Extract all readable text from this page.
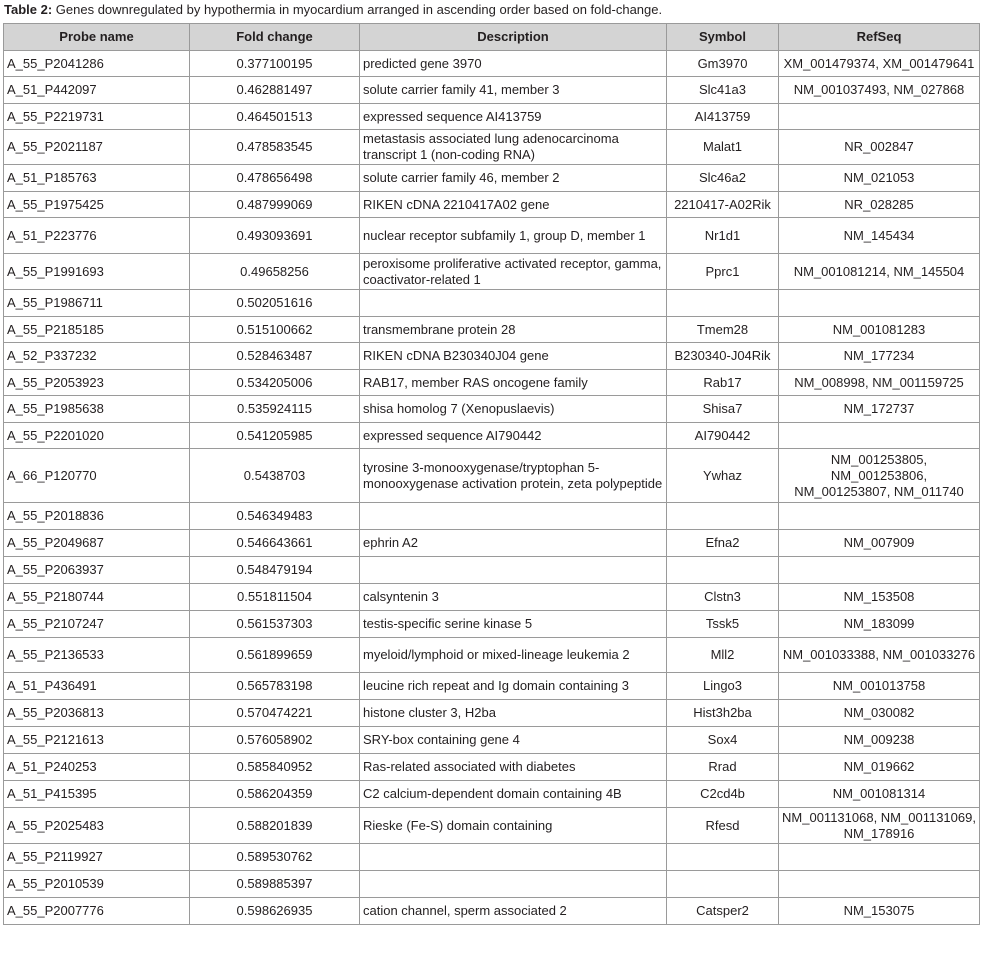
Table 2: Genes downregulated by hypothermia in myocardium arranged in ascending order based on fold-change.
Probe name	Fold change	Description	Symbol	RefSeq
A_55_P2041286	0.377100195	predicted gene 3970	Gm3970	XM_001479374, XM_001479641
A_51_P442097	0.462881497	solute carrier family 41, member 3	Slc41a3	NM_001037493, NM_027868
A_55_P2219731	0.464501513	expressed sequence AI413759	AI413759	
A_55_P2021187	0.478583545	metastasis associated lung adenocarcinoma transcript 1 (non-coding RNA)	Malat1	NR_002847
A_51_P185763	0.478656498	solute carrier family 46, member 2	Slc46a2	NM_021053
A_55_P1975425	0.487999069	RIKEN cDNA 2210417A02 gene	2210417-A02Rik	NR_028285
A_51_P223776	0.493093691	nuclear receptor subfamily 1, group D, member 1	Nr1d1	NM_145434
A_55_P1991693	0.49658256	peroxisome proliferative activated receptor, gamma, coactivator-related 1	Pprc1	NM_001081214, NM_145504
A_55_P1986711	0.502051616			
A_55_P2185185	0.515100662	transmembrane protein 28	Tmem28	NM_001081283
A_52_P337232	0.528463487	RIKEN cDNA B230340J04 gene	B230340-J04Rik	NM_177234
A_55_P2053923	0.534205006	RAB17, member RAS oncogene family	Rab17	NM_008998, NM_001159725
A_55_P1985638	0.535924115	shisa homolog 7 (Xenopuslaevis)	Shisa7	NM_172737
A_55_P2201020	0.541205985	expressed sequence AI790442	AI790442	
A_66_P120770	0.5438703	tyrosine 3-monooxygenase/tryptophan 5-monooxygenase activation protein, zeta polypeptide	Ywhaz	NM_001253805, NM_001253806, NM_001253807, NM_011740
A_55_P2018836	0.546349483			
A_55_P2049687	0.546643661	ephrin A2	Efna2	NM_007909
A_55_P2063937	0.548479194			
A_55_P2180744	0.551811504	calsyntenin 3	Clstn3	NM_153508
A_55_P2107247	0.561537303	testis-specific serine kinase 5	Tssk5	NM_183099
A_55_P2136533	0.561899659	myeloid/lymphoid or mixed-lineage leukemia 2	Mll2	NM_001033388, NM_001033276
A_51_P436491	0.565783198	leucine rich repeat and Ig domain containing 3	Lingo3	NM_001013758
A_55_P2036813	0.570474221	histone cluster 3, H2ba	Hist3h2ba	NM_030082
A_55_P2121613	0.576058902	SRY-box containing gene 4	Sox4	NM_009238
A_51_P240253	0.585840952	Ras-related associated with diabetes	Rrad	NM_019662
A_51_P415395	0.586204359	C2 calcium-dependent domain containing 4B	C2cd4b	NM_001081314
A_55_P2025483	0.588201839	Rieske (Fe-S) domain containing	Rfesd	NM_001131068, NM_001131069, NM_178916
A_55_P2119927	0.589530762			
A_55_P2010539	0.589885397			
A_55_P2007776	0.598626935	cation channel, sperm associated 2	Catsper2	NM_153075
